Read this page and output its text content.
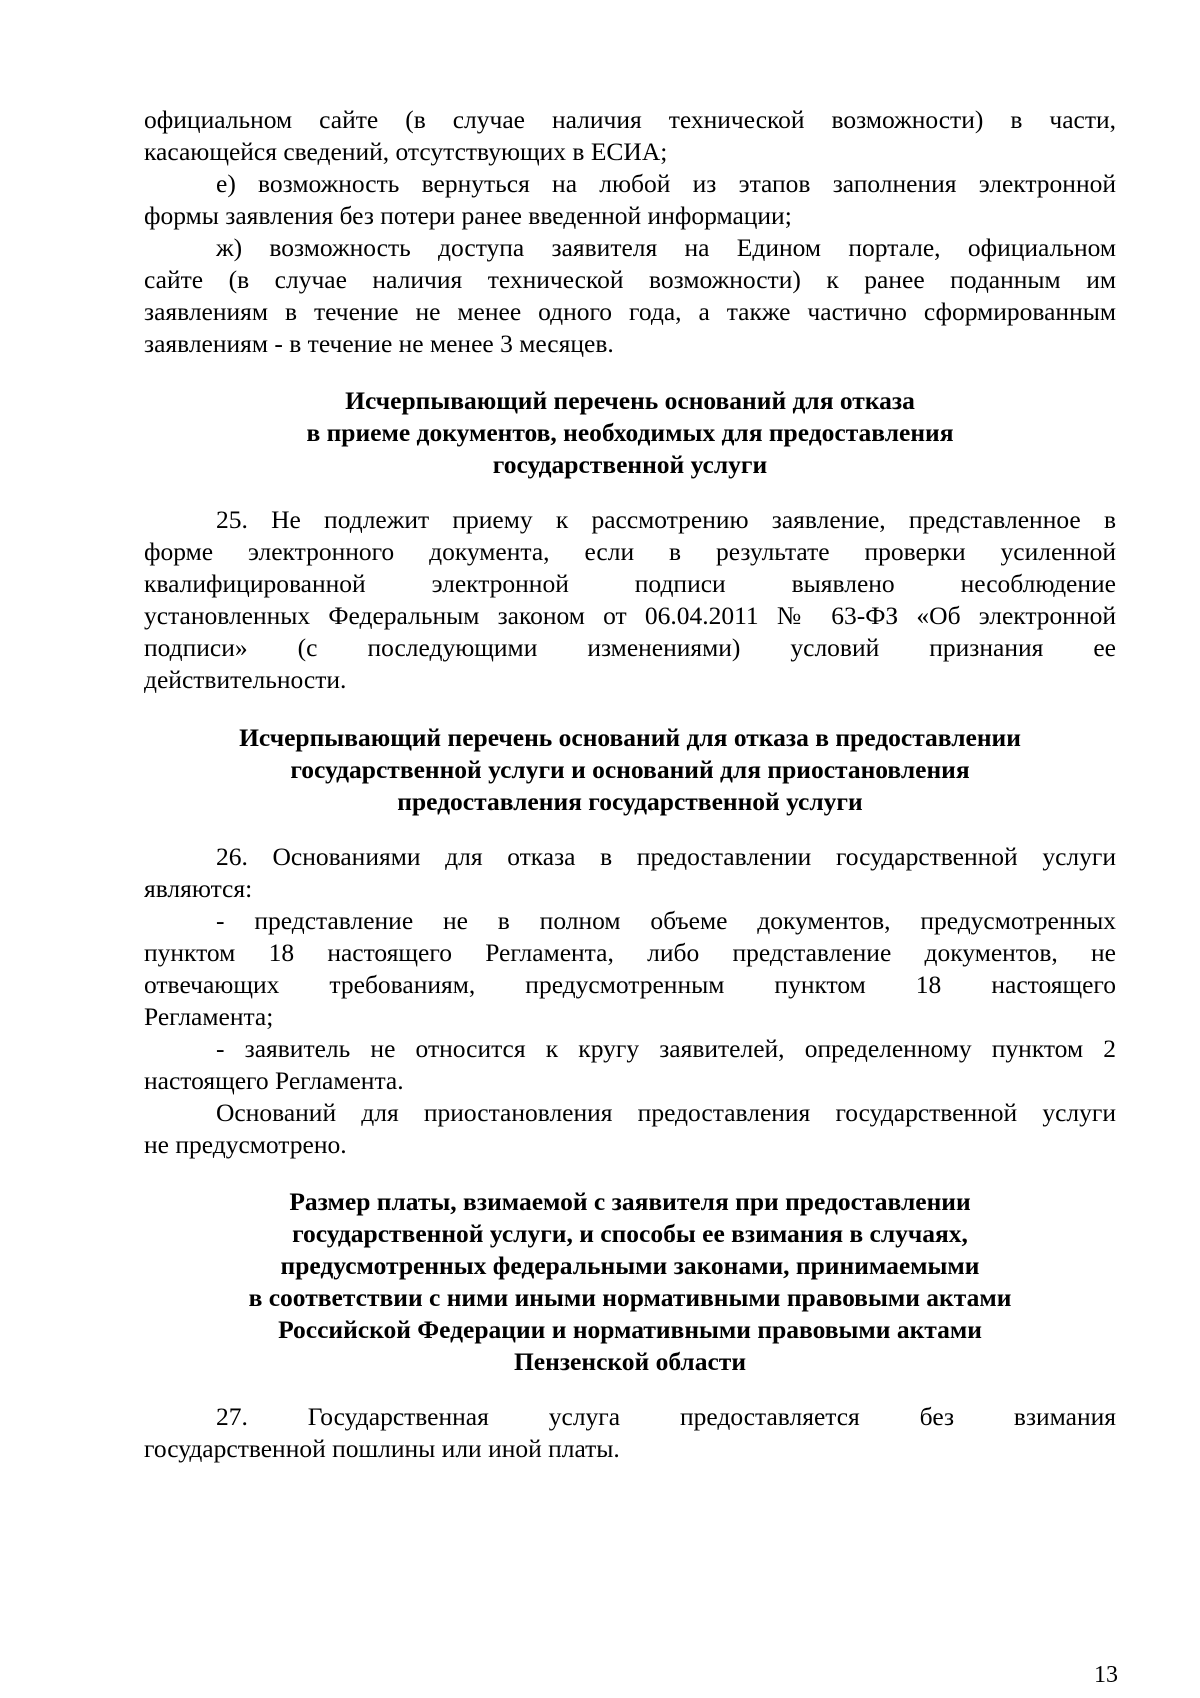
официальном сайте (в случае наличия технической возможности) в части,
касающейся сведений, отсутствующих в ЕСИА;
е) возможность вернуться на любой из этапов заполнения электронной
формы заявления без потери ранее введенной информации;
ж) возможность доступа заявителя на Едином портале, официальном
сайте (в случае наличия технической возможности) к ранее поданным им
заявлениям в течение не менее одного года, а также частично сформированным
заявлениям - в течение не менее 3 месяцев.
Исчерпывающий перечень оснований для отказа
в приеме документов, необходимых для предоставления
государственной услуги
25. Не подлежит приему к рассмотрению заявление, представленное в
форме электронного документа, если в результате проверки усиленной
квалифицированной электронной подписи выявлено несоблюдение
установленных Федеральным законом от 06.04.2011 № 63-ФЗ «Об электронной
подписи» (с последующими изменениями) условий признания ее
действительности.
Исчерпывающий перечень оснований для отказа в предоставлении
государственной услуги и оснований для приостановления
предоставления государственной услуги
26. Основаниями для отказа в предоставлении государственной услуги
являются:
- представление не в полном объеме документов, предусмотренных
пунктом 18 настоящего Регламента, либо представление документов, не
отвечающих требованиям, предусмотренным пунктом 18 настоящего
Регламента;
- заявитель не относится к кругу заявителей, определенному пунктом 2
настоящего Регламента.
Оснований для приостановления предоставления государственной услуги
не предусмотрено.
Размер платы, взимаемой с заявителя при предоставлении
государственной услуги, и способы ее взимания в случаях,
предусмотренных федеральными законами, принимаемыми
в соответствии с ними иными нормативными правовыми актами
Российской Федерации и нормативными правовыми актами
Пензенской области
27. Государственная услуга предоставляется без взимания
государственной пошлины или иной платы.
13
